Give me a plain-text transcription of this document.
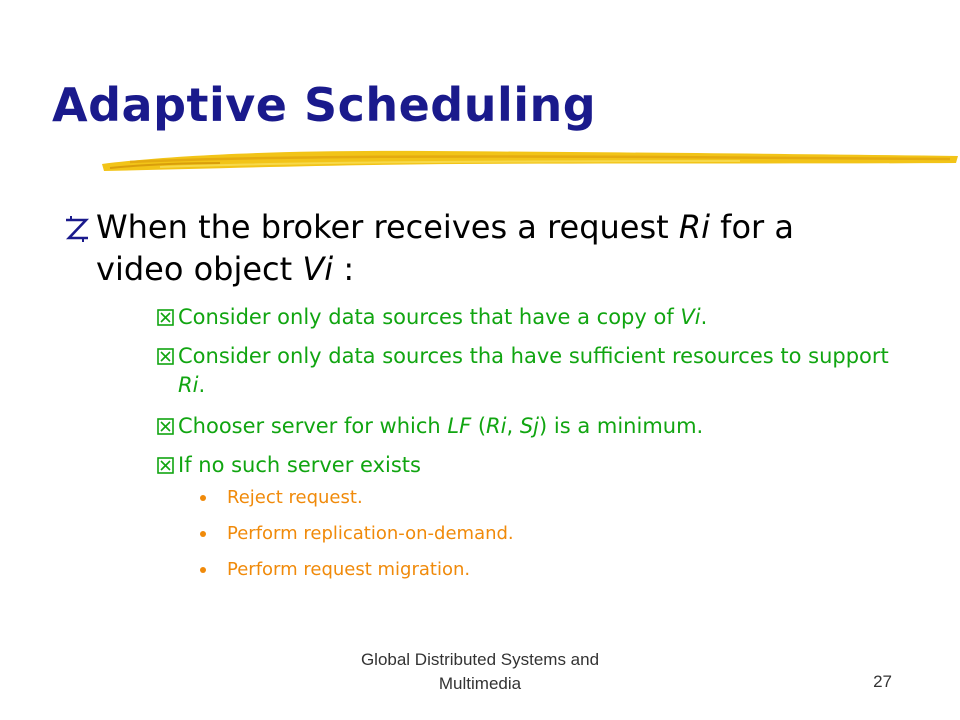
Adaptive Scheduling
When the broker receives a request Ri for a video object Vi :
Consider only data sources that have a copy of Vi.
Consider only data sources tha have sufficient resources to support Ri.
Chooser server for which LF (Ri, Sj) is a minimum.
If no such server exists
Reject request.
Perform replication-on-demand.
Perform request migration.
Global Distributed Systems and
Multimedia	27
